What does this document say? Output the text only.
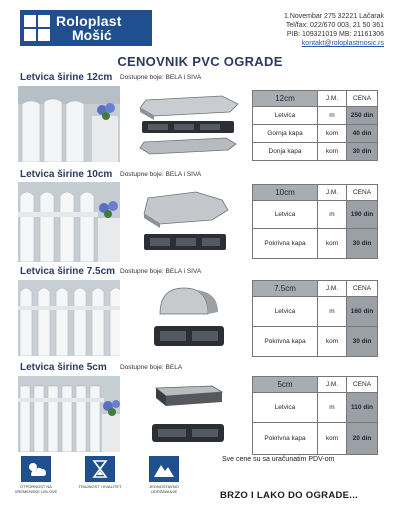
Roloplast
Mošić
1.Novembar 275 32221 Lačarak
Tel/fax: 022/670 003, 21 50 361
PIB: 109321019 MB: 21161306
kontakt@roloplastmosic.rs
CENOVNIK PVC OGRADE
Letvica širine 12cm Dostupne boje: BELA i SIVA
12cm	J.M.	CENA
Letvica	m	250 din
Gornja kapa	kom	40 din
Donja kapa	kom	30 din
Letvica širine 10cm Dostupne boje: BELA i SIVA
10cm	J.M.	CENA
Letvica	m	190 din
Pokrivna kapa	kom	30 din
Letvica širine 7.5cm Dostupne boje: BELA i SIVA
7.5cm	J.M.	CENA
Letvica	m	160 din
Pokrivna kapa	kom	30 din
Letvica širine 5cm Dostupne boje: BELA
5cm	J.M.	CENA
Letvica	m	110 din
Pokrivna kapa	kom	20 din
Sve cene su sa uračunatim PDV-om
BRZO I LAKO DO OGRADE...
OTPORNOST NA VREMENSKE USLOVE
TRAJNOST I KVALITET	JEDNOSTAVNO ODRŽAVANJE
